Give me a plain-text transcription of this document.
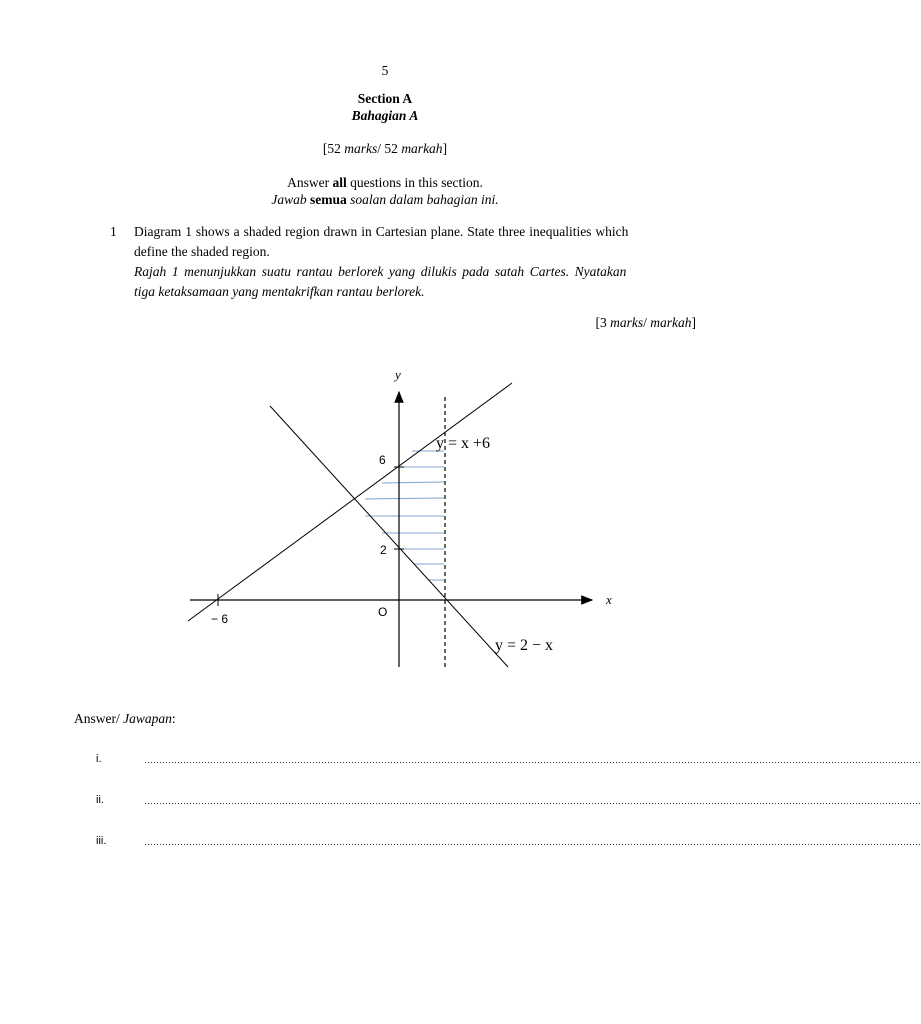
5
Section A
Bahagian A
[52 marks/ 52 markah]
Answer all questions in this section.
Jawab semua soalan dalam bahagian ini.
1 Diagram 1 shows a shaded region drawn in Cartesian plane. State three inequalities which
define the shaded region.
Rajah 1 menunjukkan suatu rantau berlorek yang dilukis pada satah Cartes. Nyatakan
tiga ketaksamaan yang mentakrifkan rantau berlorek.
[3 marks/ markah]
y
x
O
6
2
− 6
y = x +6
y = 2 − x
Answer/ Jawapan:
i.	…………………………………………………………………………………………………………………………………………………………………………………………………………………………………….
ii.	…………………………………………………………………………………………………………………………………………………………………………………………………………………………………….
iii.	…………………………………………………………………………………………………………………………………………………………………………………………………………………………………….
